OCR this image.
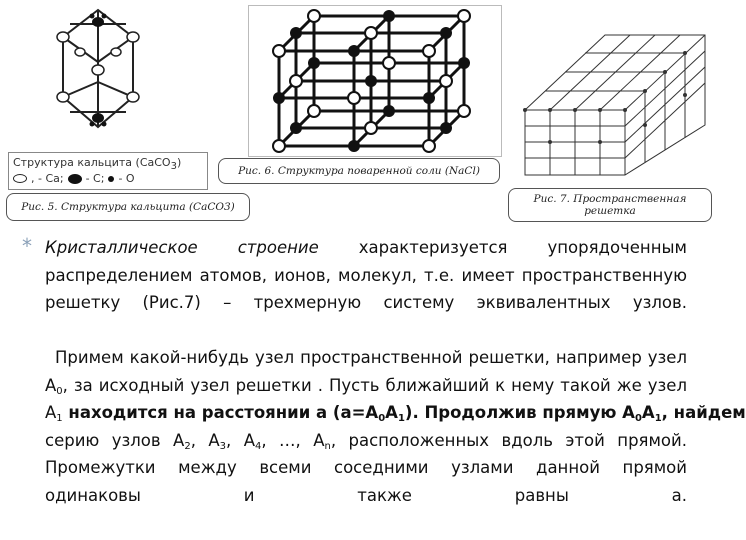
Структура кальцита (CaCO$_3$)
, - Ca; - C; - O
Рис. 6. Структура поваренной соли (NaCl)
Рис. 5. Структура кальцита (CaCO3)
Рис. 7. Пространственная решетка
* Кристаллическое строение характеризуется упорядоченным
распределением атомов, ионов, молекул, т.е. имеет пространственную
решетку (Рис.7) – трехмерную систему эквивалентных узлов.
Примем какой-нибудь узел пространственной решетки, например узел
$А_0$, за исходный узел решетки . Пусть ближайший к нему такой же узел
$А_1$ находится на расстоянии а $(а=А_0А_1)$. Продолжив прямую $А_0А_1$, найдем
серию узлов $А_2$, $А_3$, $А_4$, …, $А_n$, расположенных вдоль этой прямой.
Промежутки между всеми соседними узлами данной прямой
одинаковы и также равны а.
